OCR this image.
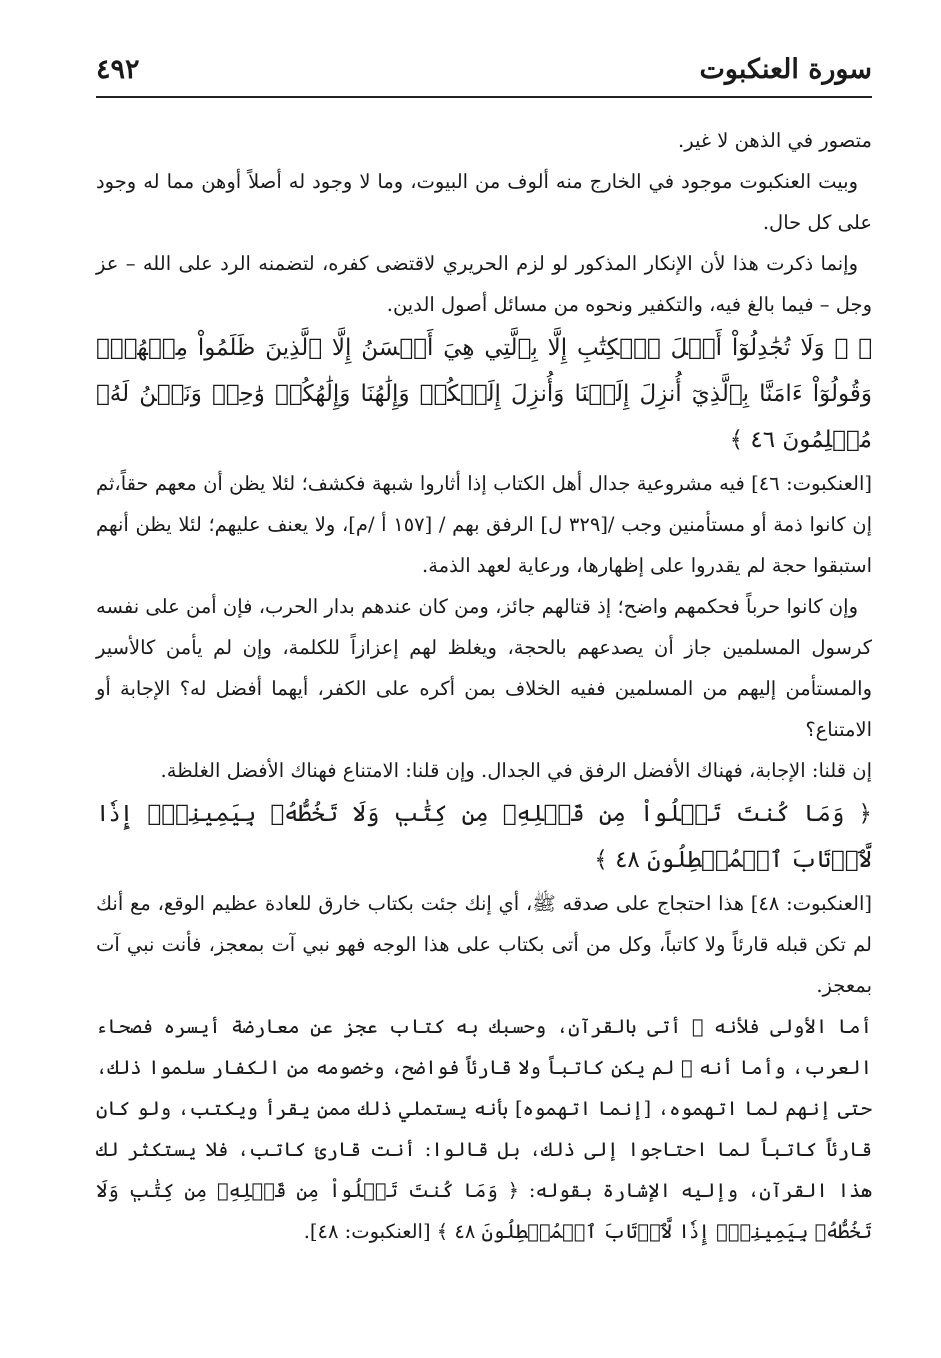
سورة العنكبوت
٤٩٢

متصور في الذهن لا غير.

وبيت العنكبوت موجود في الخارج منه ألوف من البيوت، وما لا وجود له أصلاً أوهن مما له وجود على كل حال.

وإنما ذكرت هذا لأن الإنكار المذكور لو لزم الحريري لاقتضى كفره، لتضمنه الرد على الله – عز وجل – فيما بالغ فيه، والتكفير ونحوه من مسائل أصول الدين.

﴿ ۞ وَلَا تُجَٰدِلُوٓاْ أَهۡلَ ٱلۡكِتَٰبِ إِلَّا بِٱلَّتِي هِيَ أَحۡسَنُ إِلَّا ٱلَّذِينَ ظَلَمُواْ مِنۡهُمۡۖ وَقُولُوٓاْ ءَامَنَّا بِٱلَّذِيٓ أُنزِلَ إِلَيۡنَا وَأُنزِلَ إِلَيۡكُمۡ وَإِلَٰهُنَا وَإِلَٰهُكُمۡ وَٰحِدٞ وَنَحۡنُ لَهُۥ مُسۡلِمُونَ ٤٦ ﴾

[العنكبوت: ٤٦] فيه مشروعية جدال أهل الكتاب إذا أثاروا شبهة فكشف؛ لئلا يظن أن معهم حقاً،ثم إن كانوا ذمة أو مستأمنين وجب /[٣٢٩ ل] الرفق بهم / [١٥٧ أ /م]، ولا يعنف عليهم؛ لئلا يظن أنهم استبقوا حجة لم يقدروا على إظهارها، ورعاية لعهد الذمة.

وإن كانوا حرباً فحكمهم واضح؛ إذ قتالهم جائز، ومن كان عندهم بدار الحرب، فإن أمن على نفسه كرسول المسلمين جاز أن يصدعهم بالحجة، ويغلظ لهم إعزازاً للكلمة، وإن لم يأمن كالأسير والمستأمن إليهم من المسلمين ففيه الخلاف بمن أكره على الكفر، أيهما أفضل له؟ الإجابة أو الامتناع؟

إن قلنا: الإجابة، فهناك الأفضل الرفق في الجدال. وإن قلنا: الامتناع فهناك الأفضل الغلظة.

﴿ وَمَا كُنتَ تَتۡلُواْ مِن قَبۡلِهِۦ مِن كِتَٰبٖ وَلَا تَخُطُّهُۥ بِيَمِينِكَۖ إِذٗا لَّٱرۡتَابَ ٱلۡمُبۡطِلُونَ ٤٨ ﴾

[العنكبوت: ٤٨] هذا احتجاج على صدقه ﷺ، أي إنك جئت بكتاب خارق للعادة عظيم الوقع، مع أنك لم تكن قبله قارئاً ولا كاتباً، وكل من أتى بكتاب على هذا الوجه فهو نبي آت بمعجز، فأنت نبي آت بمعجز.

أما الأولى فلأنه ﷺ أتى بالقرآن، وحسبك به كتاب عجز عن معارضة أيسره فصحاء العرب، وأما أنه ﷺ لم يكن كاتباً ولا قارئاً فواضح، وخصومه من الكفار سلموا ذلك، حتى إنهم لما اتهموه، [إنما اتهموه] بأنه يستملي ذلك ممن يقرأ ويكتب، ولو كان قارئاً كاتباً لما احتاجوا إلى ذلك، بل قالوا: أنت قارئ كاتب، فلا يستكثر لك هذا القرآن، وإليه الإشارة بقوله: ﴿ وَمَا كُنتَ تَتۡلُواْ مِن قَبۡلِهِۦ مِن كِتَٰبٖ وَلَا تَخُطُّهُۥ بِيَمِينِكَۖ إِذٗا لَّٱرۡتَابَ ٱلۡمُبۡطِلُونَ ٤٨ ﴾ [العنكبوت: ٤٨].
